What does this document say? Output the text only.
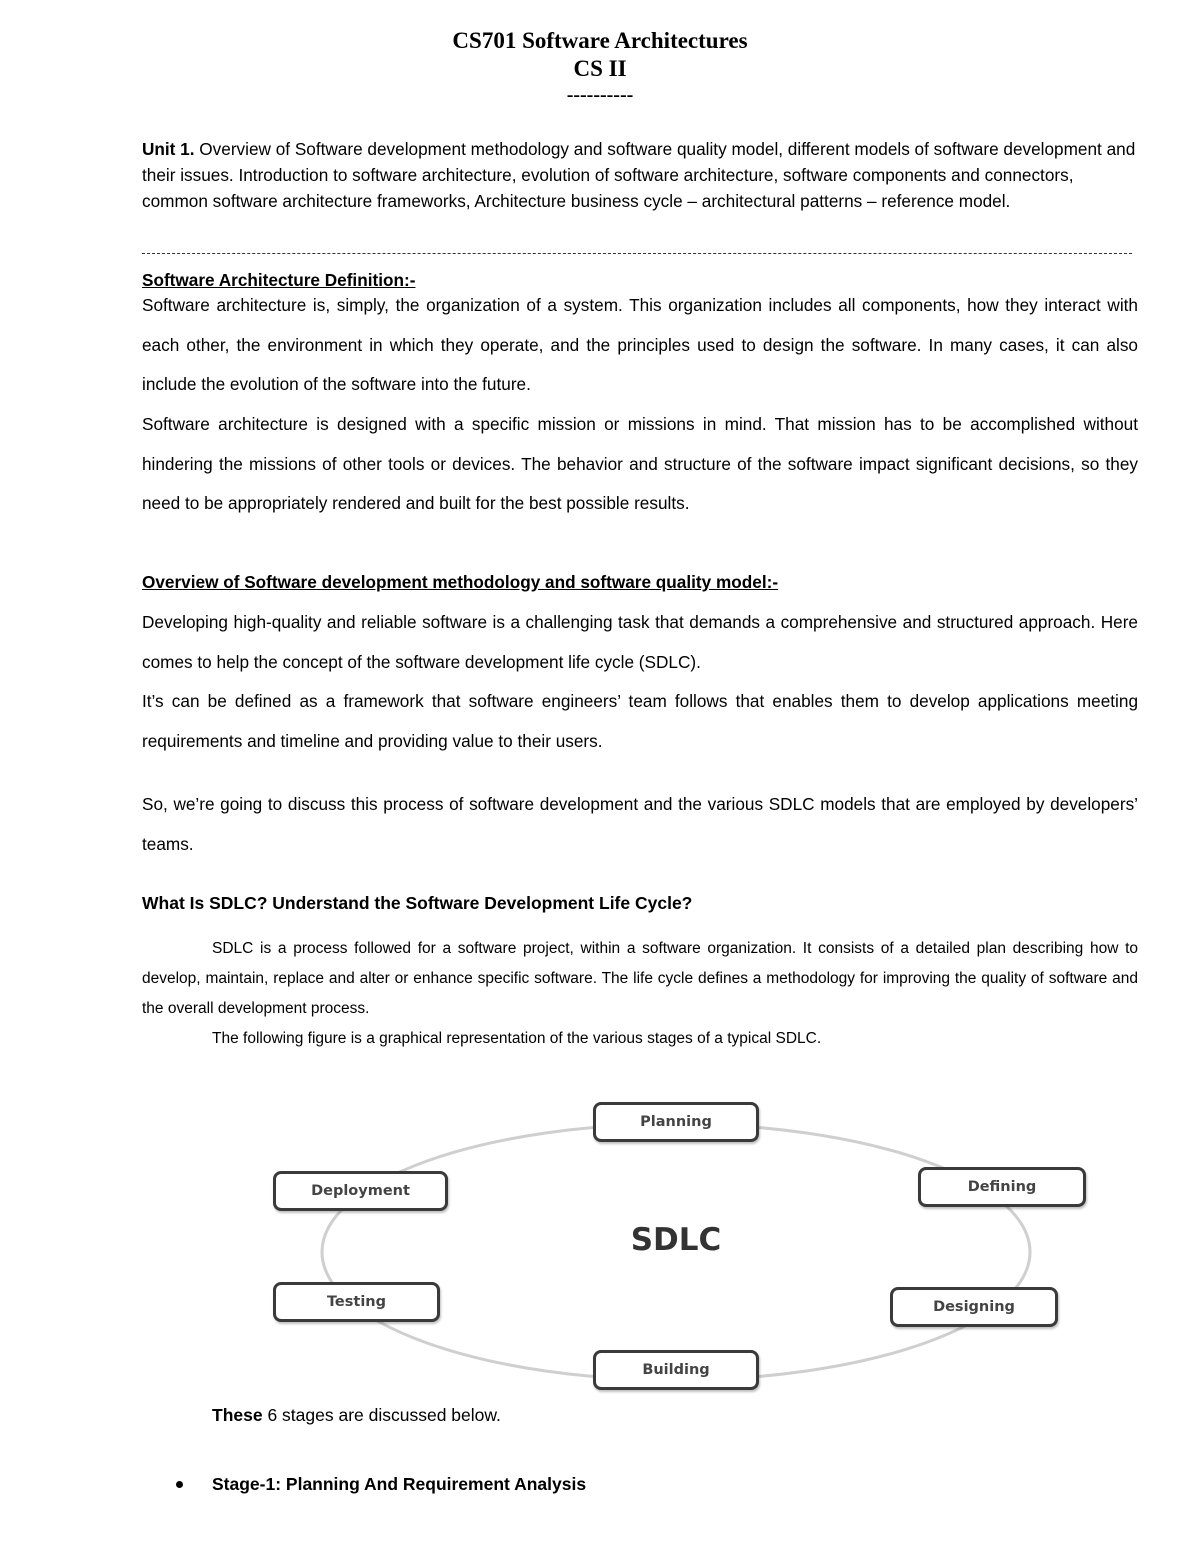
CS701 Software Architectures
CS II
----------
Unit 1. Overview of Software development methodology and software quality model, different models of software development and their issues. Introduction to software architecture, evolution of software architecture, software components and connectors, common software architecture frameworks, Architecture business cycle – architectural patterns – reference model.
Software Architecture Definition:-
Software architecture is, simply, the organization of a system. This organization includes all components, how they interact with each other, the environment in which they operate, and the principles used to design the software. In many cases, it can also include the evolution of the software into the future.
Software architecture is designed with a specific mission or missions in mind. That mission has to be accomplished without hindering the missions of other tools or devices. The behavior and structure of the software impact significant decisions, so they need to be appropriately rendered and built for the best possible results.
Overview of Software development methodology and software quality model:-
Developing high-quality and reliable software is a challenging task that demands a comprehensive and structured approach. Here comes to help the concept of the software development life cycle (SDLC).
It’s can be defined as a framework that software engineers’ team follows that enables them to develop applications meeting requirements and timeline and providing value to their users.
So, we’re going to discuss this process of software development and the various SDLC models that are employed by developers’ teams.
What Is SDLC? Understand the Software Development Life Cycle?
SDLC is a process followed for a software project, within a software organization. It consists of a detailed plan describing how to develop, maintain, replace and alter or enhance specific software. The life cycle defines a methodology for improving the quality of software and the overall development process.
The following figure is a graphical representation of the various stages of a typical SDLC.
Planning
Defining
Designing
Building
Testing
Deployment
SDLC
These 6 stages are discussed below.
Stage-1: Planning And Requirement Analysis
